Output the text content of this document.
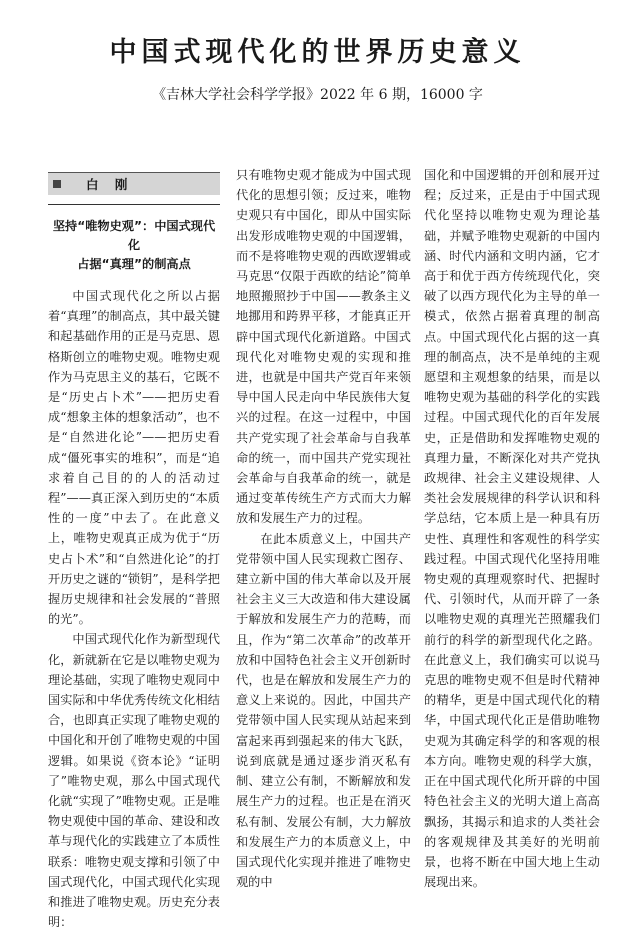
中国式现代化的世界历史意义

《吉林大学社会科学学报》2022 年 6 期，16000 字

白 刚
坚持“唯物史观”：中国式现代化
占据“真理”的制高点

中国式现代化之所以占据着“真理”的制高点，其中最关键和起基础作用的正是马克思、恩格斯创立的唯物史观。唯物史观作为马克思主义的基石，它既不是“历史占卜术”——把历史看成“想象主体的想象活动”，也不是“自然进化论”——把历史看成“僵死事实的堆积”，而是“追求着自己目的的人的活动过程”——真正深入到历史的“本质性的一度”中去了。在此意义上，唯物史观真正成为优于“历史占卜术”和“自然进化论”的打开历史之谜的“锁钥”，是科学把握历史规律和社会发展的“普照的光”。

中国式现代化作为新型现代化，新就新在它是以唯物史观为理论基础，实现了唯物史观同中国实际和中华优秀传统文化相结合，也即真正实现了唯物史观的中国化和开创了唯物史观的中国逻辑。如果说《资本论》“证明了”唯物史观，那么中国式现代化就“实现了”唯物史观。正是唯物史观使中国的革命、建设和改革与现代化的实践建立了本质性联系：唯物史观支撑和引领了中国式现代化，中国式现代化实现和推进了唯物史观。历史充分表明：

只有唯物史观才能成为中国式现代化的思想引领；反过来，唯物史观只有中国化，即从中国实际出发形成唯物史观的中国逻辑，而不是将唯物史观的西欧逻辑或马克思“仅限于西欧的结论”简单地照搬照抄于中国——教条主义地挪用和跨界平移，才能真正开辟中国式现代化新道路。中国式现代化对唯物史观的实现和推进，也就是中国共产党百年来领导中国人民走向中华民族伟大复兴的过程。在这一过程中，中国共产党实现了社会革命与自我革命的统一，而中国共产党实现社会革命与自我革命的统一，就是通过变革传统生产方式而大力解放和发展生产力的过程。

在此本质意义上，中国共产党带领中国人民实现救亡图存、建立新中国的伟大革命以及开展社会主义三大改造和伟大建设属于解放和发展生产力的范畴，而且，作为“第二次革命”的改革开放和中国特色社会主义开创新时代，也是在解放和发展生产力的意义上来说的。因此，中国共产党带领中国人民实现从站起来到富起来再到强起来的伟大飞跃，说到底就是通过逐步消灭私有制、建立公有制，不断解放和发展生产力的过程。也正是在消灭私有制、发展公有制，大力解放和发展生产力的本质意义上，中国式现代化实现并推进了唯物史观的中

国化和中国逻辑的开创和展开过程；反过来，正是由于中国式现代化坚持以唯物史观为理论基础，并赋予唯物史观新的中国内涵、时代内涵和文明内涵，它才高于和优于西方传统现代化，突破了以西方现代化为主导的单一模式，依然占据着真理的制高点。中国式现代化占据的这一真理的制高点，决不是单纯的主观愿望和主观想象的结果，而是以唯物史观为基础的科学化的实践过程。中国式现代化的百年发展史，正是借助和发挥唯物史观的真理力量，不断深化对共产党执政规律、社会主义建设规律、人类社会发展规律的科学认识和科学总结，它本质上是一种具有历史性、真理性和客观性的科学实践过程。中国式现代化坚持用唯物史观的真理观察时代、把握时代、引领时代，从而开辟了一条以唯物史观的真理光芒照耀我们前行的科学的新型现代化之路。在此意义上，我们确实可以说马克思的唯物史观不但是时代精神的精华，更是中国式现代化的精华，中国式现代化正是借助唯物史观为其确定科学的和客观的根本方向。唯物史观的科学大旗，正在中国式现代化所开辟的中国特色社会主义的光明大道上高高飘扬，其揭示和追求的人类社会的客观规律及其美好的光明前景，也将不断在中国大地上生动展现出来。
